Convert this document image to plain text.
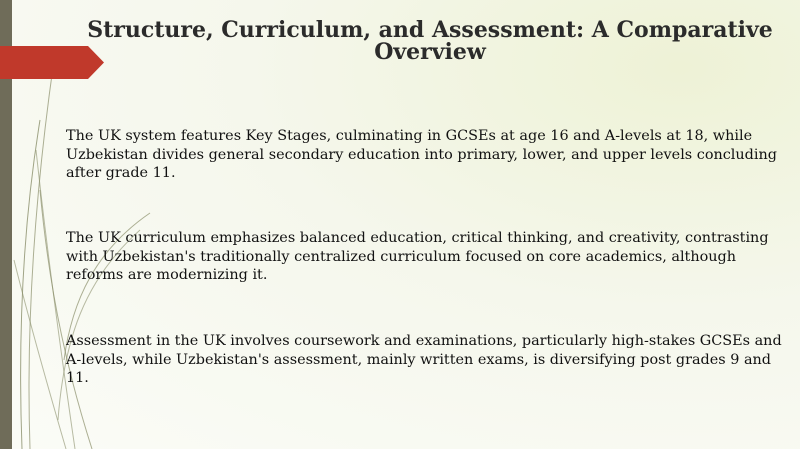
Structure, Curriculum, and Assessment: A Comparative Overview
The UK system features Key Stages, culminating in GCSEs at age 16 and A-levels at 18, while Uzbekistan divides general secondary education into primary, lower, and upper levels concluding after grade 11.
The UK curriculum emphasizes balanced education, critical thinking, and creativity, contrasting with Uzbekistan's traditionally centralized curriculum focused on core academics, although reforms are modernizing it.
Assessment in the UK involves coursework and examinations, particularly high-stakes GCSEs and A-levels, while Uzbekistan's assessment, mainly written exams, is diversifying post grades 9 and 11.
